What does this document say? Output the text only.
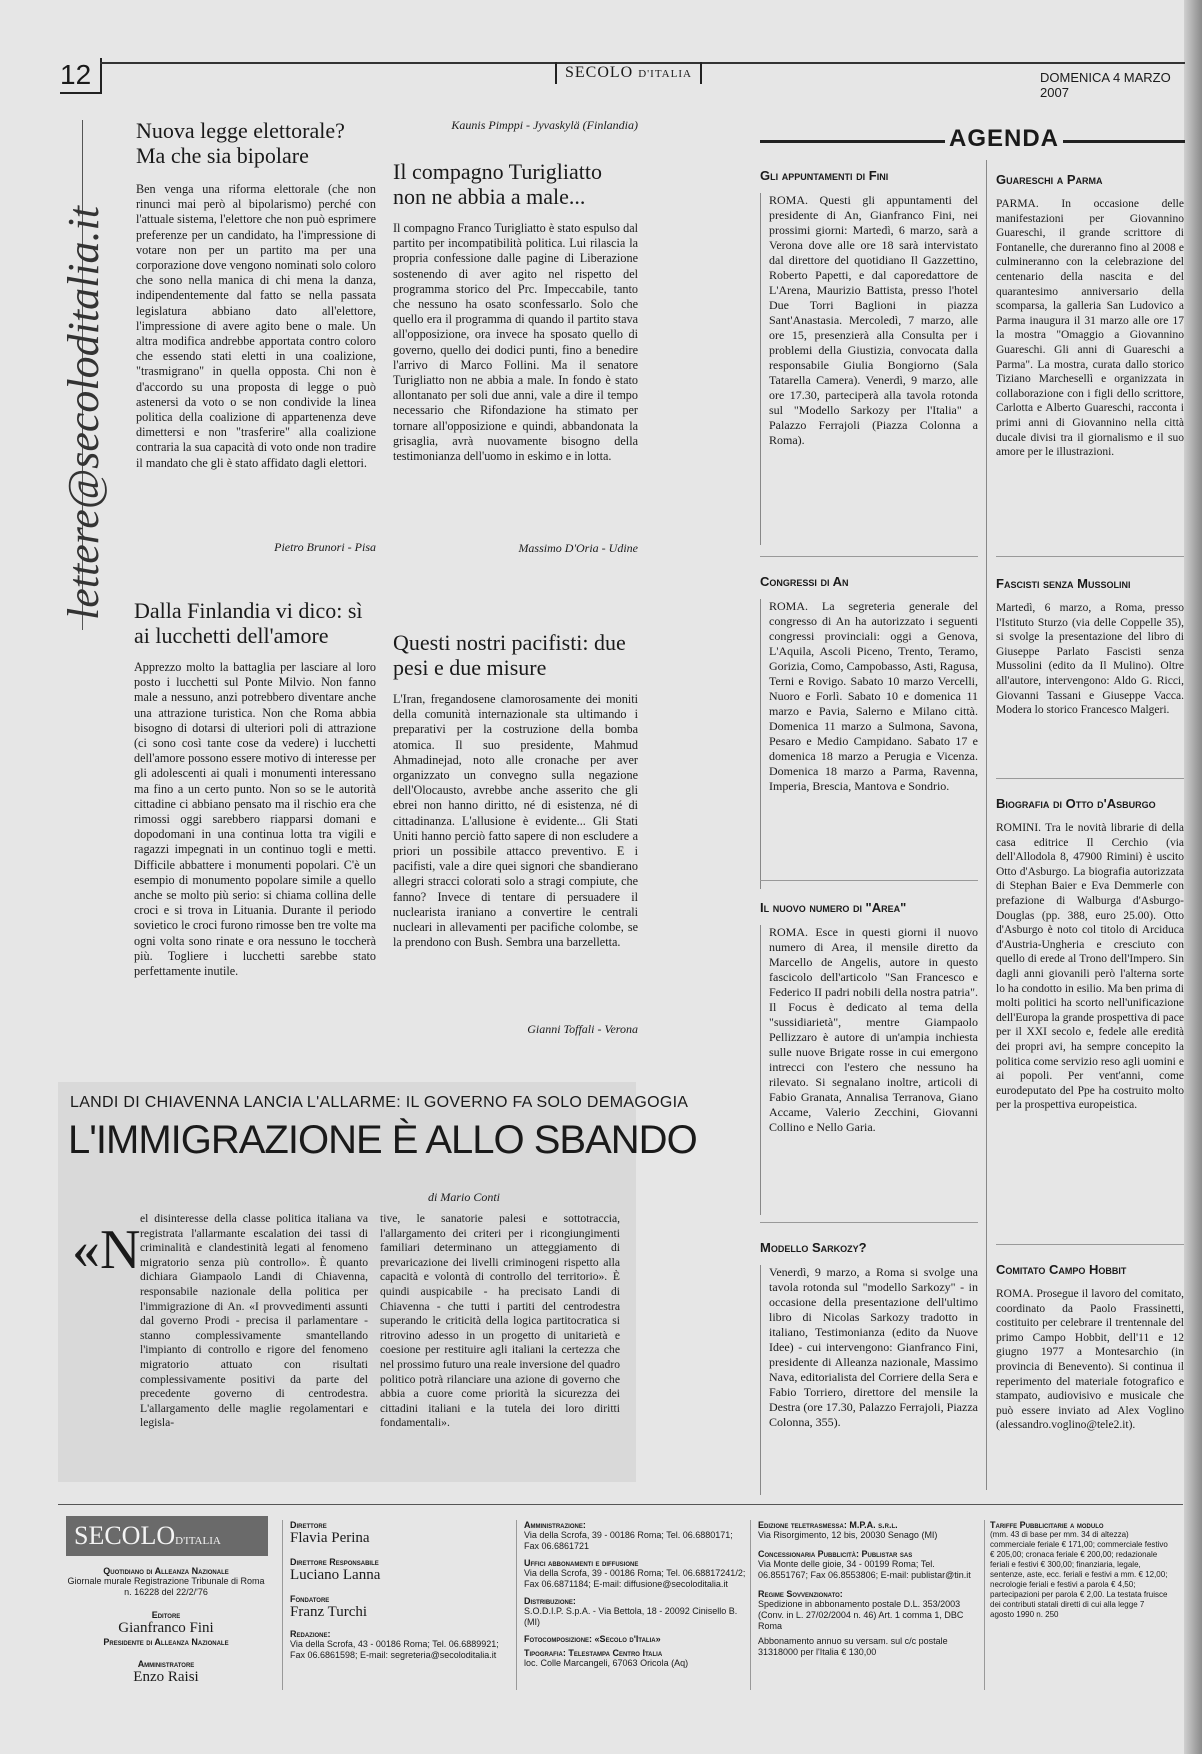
12	SECOLO D'ITALIA	DOMENICA 4 MARZO 2007
lettere@secoloditalia.it
Nuova legge elettorale? Ma che sia bipolare
Ben venga una riforma elettorale (che non rinunci mai però al bipolarismo) perché con l'attuale sistema, l'elettore che non può esprimere preferenze per un candidato, ha l'impressione di votare non per un partito ma per una corporazione dove vengono nominati solo coloro che sono nella manica di chi mena la danza, indipendentemente dal fatto se nella passata legislatura abbiano dato all'elettore, l'impressione di avere agito bene o male. Un altra modifica andrebbe apportata contro coloro che essendo stati eletti in una coalizione, "trasmigrano" in quella opposta. Chi non è d'accordo su una proposta di legge o può astenersi da voto o se non condivide la linea politica della coalizione di appartenenza deve dimettersi e non "trasferire" alla coalizione contraria la sua capacità di voto onde non tradire il mandato che gli è stato affidato dagli elettori.
Pietro Brunori - Pisa
Dalla Finlandia vi dico: sì ai lucchetti dell'amore
Apprezzo molto la battaglia per lasciare al loro posto i lucchetti sul Ponte Milvio. Non fanno male a nessuno, anzi potrebbero diventare anche una attrazione turistica. Non che Roma abbia bisogno di dotarsi di ulteriori poli di attrazione (ci sono così tante cose da vedere) i lucchetti dell'amore possono essere motivo di interesse per gli adolescenti ai quali i monumenti interessano ma fino a un certo punto. Non so se le autorità cittadine ci abbiano pensato ma il rischio era che rimossi oggi sarebbero riapparsi domani e dopodomani in una continua lotta tra vigili e ragazzi impegnati in un continuo togli e metti. Difficile abbattere i monumenti popolari. C'è un esempio di monumento popolare simile a quello anche se molto più serio: si chiama collina delle croci e si trova in Lituania. Durante il periodo sovietico le croci furono rimosse ben tre volte ma ogni volta sono rinate e ora nessuno le toccherà più. Togliere i lucchetti sarebbe stato perfettamente inutile.
Kaunis Pimppi - Jyvaskylä (Finlandia)
Il compagno Turigliatto non ne abbia a male...
Il compagno Franco Turigliatto è stato espulso dal partito per incompatibilità politica. Lui rilascia la propria confessione dalle pagine di Liberazione sostenendo di aver agito nel rispetto del programma storico del Prc. Impeccabile, tanto che nessuno ha osato sconfessarlo. Solo che quello era il programma di quando il partito stava all'opposizione, ora invece ha sposato quello di governo, quello dei dodici punti, fino a benedire l'arrivo di Marco Follini. Ma il senatore Turigliatto non ne abbia a male. In fondo è stato allontanato per soli due anni, vale a dire il tempo necessario che Rifondazione ha stimato per tornare all'opposizione e quindi, abbandonata la grisaglia, avrà nuovamente bisogno della testimonianza dell'uomo in eskimo e in lotta.
Massimo D'Oria - Udine
Questi nostri pacifisti: due pesi e due misure
L'Iran, fregandosene clamorosamente dei moniti della comunità internazionale sta ultimando i preparativi per la costruzione della bomba atomica. Il suo presidente, Mahmud Ahmadinejad, noto alle cronache per aver organizzato un convegno sulla negazione dell'Olocausto, avrebbe anche asserito che gli ebrei non hanno diritto, né di esistenza, né di cittadinanza. L'allusione è evidente... Gli Stati Uniti hanno perciò fatto sapere di non escludere a priori un possibile attacco preventivo. E i pacifisti, vale a dire quei signori che sbandierano allegri stracci colorati solo a stragi compiute, che fanno? Invece di tentare di persuadere il nuclearista iraniano a convertire le centrali nucleari in allevamenti per pacifiche colombe, se la prendono con Bush. Sembra una barzelletta.
Gianni Toffali - Verona
LANDI DI CHIAVENNA LANCIA L'ALLARME: IL GOVERNO FA SOLO DEMAGOGIA
L'IMMIGRAZIONE È ALLO SBANDO
di Mario Conti
«N
el disinteresse della classe politica italiana va registrata l'allarmante escalation dei tassi di criminalità e clandestinità legati al fenomeno migratorio senza più controllo». È quanto dichiara Giampaolo Landi di Chiavenna, responsabile nazionale della politica per l'immigrazione di An. «I provvedimenti assunti dal governo Prodi - precisa il parlamentare - stanno complessivamente smantellando l'impianto di controllo e rigore del fenomeno migratorio attuato con risultati complessivamente positivi da parte del precedente governo di centrodestra. L'allargamento delle maglie regolamentari e legisla-
tive, le sanatorie palesi e sottotraccia, l'allargamento dei criteri per i ricongiungimenti familiari determinano un atteggiamento di prevaricazione dei livelli criminogeni rispetto alla capacità e volontà di controllo del territorio». È quindi auspicabile - ha precisato Landi di Chiavenna - che tutti i partiti del centrodestra superando le criticità della logica partitocratica si ritrovino adesso in un progetto di unitarietà e coesione per restituire agli italiani la certezza che nel prossimo futuro una reale inversione del quadro politico potrà rilanciare una azione di governo che abbia a cuore come priorità la sicurezza dei cittadini italiani e la tutela dei loro diritti fondamentali».
AGENDA
Gli appuntamenti di Fini
ROMA. Questi gli appuntamenti del presidente di An, Gianfranco Fini, nei prossimi giorni: Martedì, 6 marzo, sarà a Verona dove alle ore 18 sarà intervistato dal direttore del quotidiano Il Gazzettino, Roberto Papetti, e dal caporedattore de L'Arena, Maurizio Battista, presso l'hotel Due Torri Baglioni in piazza Sant'Anastasia. Mercoledì, 7 marzo, alle ore 15, presenzierà alla Consulta per i problemi della Giustizia, convocata dalla responsabile Giulia Bongiorno (Sala Tatarella Camera). Venerdì, 9 marzo, alle ore 17.30, parteciperà alla tavola rotonda sul "Modello Sarkozy per l'Italia" a Palazzo Ferrajoli (Piazza Colonna a Roma).
Congressi di An
ROMA. La segreteria generale del congresso di An ha autorizzato i seguenti congressi provinciali: oggi a Genova, L'Aquila, Ascoli Piceno, Trento, Teramo, Gorizia, Como, Campobasso, Asti, Ragusa, Terni e Rovigo. Sabato 10 marzo Vercelli, Nuoro e Forlì. Sabato 10 e domenica 11 marzo e Pavia, Salerno e Milano città. Domenica 11 marzo a Sulmona, Savona, Pesaro e Medio Campidano. Sabato 17 e domenica 18 marzo a Perugia e Vicenza. Domenica 18 marzo a Parma, Ravenna, Imperia, Brescia, Mantova e Sondrio.
Il nuovo numero di "Area"
ROMA. Esce in questi giorni il nuovo numero di Area, il mensile diretto da Marcello de Angelis, autore in questo fascicolo dell'articolo "San Francesco e Federico II padri nobili della nostra patria". Il Focus è dedicato al tema della "sussidiarietà", mentre Giampaolo Pellizzaro è autore di un'ampia inchiesta sulle nuove Brigate rosse in cui emergono intrecci con l'estero che nessuno ha rilevato. Si segnalano inoltre, articoli di Fabio Granata, Annalisa Terranova, Giano Accame, Valerio Zecchini, Giovanni Collino e Nello Garia.
Modello Sarkozy?
Venerdì, 9 marzo, a Roma si svolge una tavola rotonda sul "modello Sarkozy" - in occasione della presentazione dell'ultimo libro di Nicolas Sarkozy tradotto in italiano, Testimonianza (edito da Nuove Idee) - cui intervengono: Gianfranco Fini, presidente di Alleanza nazionale, Massimo Nava, editorialista del Corriere della Sera e Fabio Torriero, direttore del mensile la Destra (ore 17.30, Palazzo Ferrajoli, Piazza Colonna, 355).
Guareschi a Parma
PARMA. In occasione delle manifestazioni per Giovannino Guareschi, il grande scrittore di Fontanelle, che dureranno fino al 2008 e culmineranno con la celebrazione del centenario della nascita e del quarantesimo anniversario della scomparsa, la galleria San Ludovico a Parma inaugura il 31 marzo alle ore 17 la mostra "Omaggio a Giovannino Guareschi. Gli anni di Guareschi a Parma". La mostra, curata dallo storico Tiziano Marchesellì e organizzata in collaborazione con i figli dello scrittore, Carlotta e Alberto Guareschi, racconta i primi anni di Giovannino nella città ducale divisi tra il giornalismo e il suo amore per le illustrazioni.
Fascisti senza Mussolini
Martedì, 6 marzo, a Roma, presso l'Istituto Sturzo (via delle Coppelle 35), si svolge la presentazione del libro di Giuseppe Parlato Fascisti senza Mussolini (edito da Il Mulino). Oltre all'autore, intervengono: Aldo G. Ricci, Giovanni Tassani e Giuseppe Vacca. Modera lo storico Francesco Malgeri.
Biografia di Otto d'Asburgo
ROMINI. Tra le novità librarie di della casa editrice Il Cerchio (via dell'Allodola 8, 47900 Rimini) è uscito Otto d'Asburgo. La biografia autorizzata di Stephan Baier e Eva Demmerle con prefazione di Walburga d'Asburgo-Douglas (pp. 388, euro 25.00). Otto d'Asburgo è noto col titolo di Arciduca d'Austria-Ungheria e cresciuto con quello di erede al Trono dell'Impero. Sin dagli anni giovanili però l'alterna sorte lo ha condotto in esilio. Ma ben prima di molti politici ha scorto nell'unificazione dell'Europa la grande prospettiva di pace per il XXI secolo e, fedele alle eredità dei propri avi, ha sempre concepito la politica come servizio reso agli uomini e ai popoli. Per vent'anni, come eurodeputato del Ppe ha costruito molto per la prospettiva europeistica.
Comitato Campo Hobbit
ROMA. Prosegue il lavoro del comitato, coordinato da Paolo Frassinetti, costituito per celebrare il trentennale del primo Campo Hobbit, dell'11 e 12 giugno 1977 a Montesarchio (in provincia di Benevento). Si continua il reperimento del materiale fotografico e stampato, audiovisivo e musicale che può essere inviato ad Alex Voglino (alessandro.voglino@tele2.it).
SECOLOD'ITALIA
Quotidiano di Alleanza Nazionale
Giornale murale Registrazione Tribunale di Roma n. 16228 del 22/2/'76
Editore
Gianfranco Fini
Presidente di Alleanza Nazionale
Amministratore
Enzo Raisi
Direttore
Flavia Perina
Direttore Responsabile
Luciano Lanna
Fondatore
Franz Turchi
Redazione:
Via della Scrofa, 43 - 00186 Roma; Tel. 06.6889921; Fax 06.6861598; E-mail: segreteria@secoloditalia.it
Amministrazione:
Via della Scrofa, 39 - 00186 Roma; Tel. 06.6880171; Fax 06.6861721
Uffici abbonamenti e diffusione
Via della Scrofa, 39 - 00186 Roma; Tel. 06.68817241/2; Fax 06.6871184; E-mail: diffusione@secoloditalia.it
Distribuzione:
S.O.D.I.P. S.p.A. - Via Bettola, 18 - 20092 Cinisello B. (MI)
Fotocomposizione: «Secolo d'Italia»
Tipografia: Telestampa Centro Italia
loc. Colle Marcangeli, 67063 Oricola (Aq)
Edizione teletrasmessa: M.P.A. s.r.l.
Via Risorgimento, 12 bis, 20030 Senago (MI)
Concessionaria Pubblicità: Publistar sas
Via Monte delle gioie, 34 - 00199 Roma; Tel. 06.8551767; Fax 06.8553806; E-mail: publistar@tin.it
Regime Sovvenzionato:
Spedizione in abbonamento postale D.L. 353/2003 (Conv. in L. 27/02/2004 n. 46) Art. 1 comma 1, DBC Roma
Abbonamento annuo su versam. sul c/c postale 31318000 per l'Italia € 130,00
Tariffe Pubblicitarie a modulo
(mm. 43 di base per mm. 34 di altezza) commerciale feriale € 171,00; commerciale festivo € 205,00; cronaca feriale € 200,00; redazionale feriali e festivi € 300,00; finanziaria, legale, sentenze, aste, ecc. feriali e festivi a mm. € 12,00; necrologie feriali e festivi a parola € 4,50; partecipazioni per parola € 2,00. La testata fruisce dei contributi statali diretti di cui alla legge 7 agosto 1990 n. 250
